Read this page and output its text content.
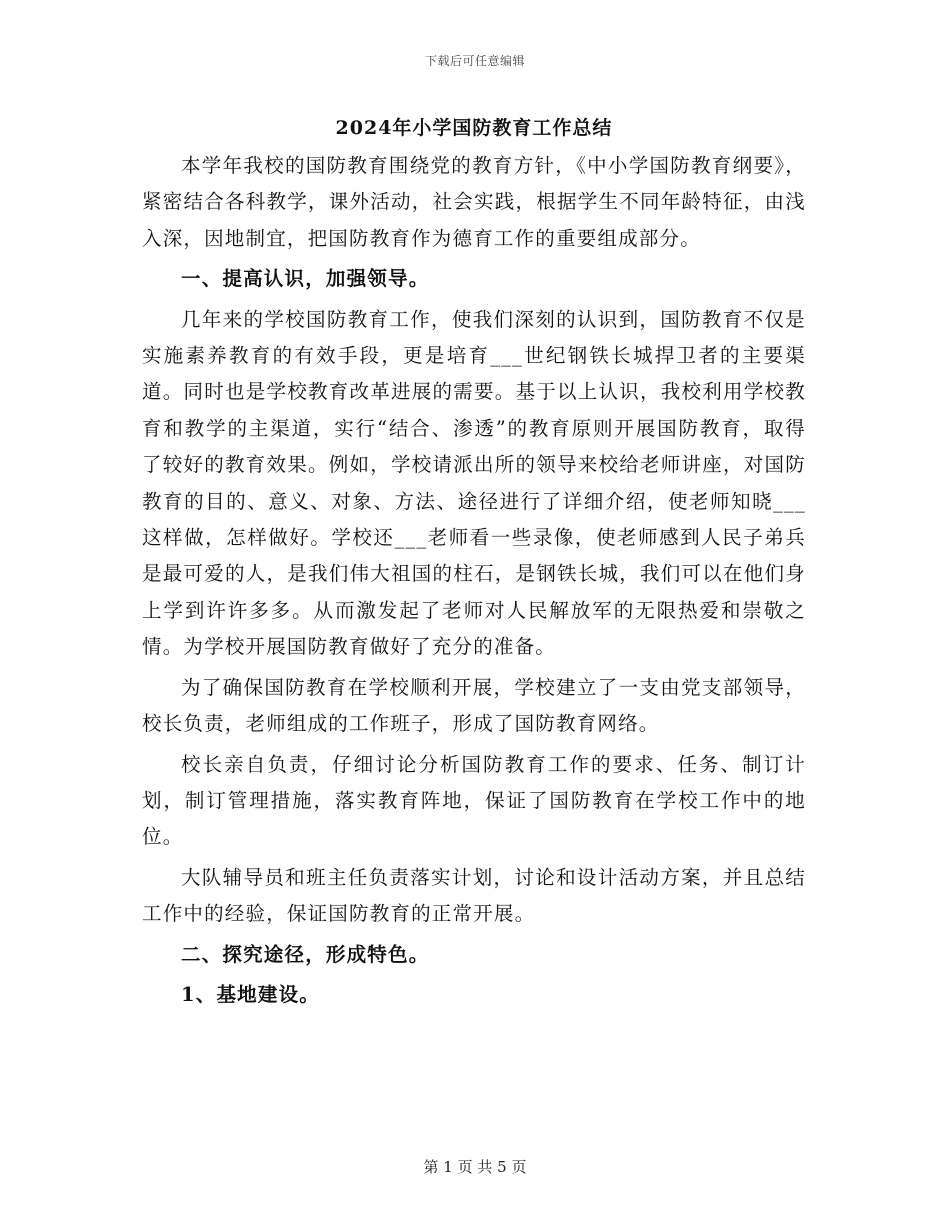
下载后可任意编辑
2024年小学国防教育工作总结

本学年我校的国防教育围绕党的教育方针，《中小学国防教育纲要》，紧密结合各科教学，课外活动，社会实践，根据学生不同年龄特征，由浅入深，因地制宜，把国防教育作为德育工作的重要组成部分。

一、提高认识，加强领导。

几年来的学校国防教育工作，使我们深刻的认识到，国防教育不仅是实施素养教育的有效手段，更是培育___世纪钢铁长城捍卫者的主要渠道。同时也是学校教育改革进展的需要。基于以上认识，我校利用学校教育和教学的主渠道，实行“结合、渗透”的教育原则开展国防教育，取得了较好的教育效果。例如，学校请派出所的领导来校给老师讲座，对国防教育的目的、意义、对象、方法、途径进行了详细介绍，使老师知晓___这样做，怎样做好。学校还___老师看一些录像，使老师感到人民子弟兵是最可爱的人，是我们伟大祖国的柱石，是钢铁长城，我们可以在他们身上学到许许多多。从而激发起了老师对人民解放军的无限热爱和崇敬之情。为学校开展国防教育做好了充分的准备。

为了确保国防教育在学校顺利开展，学校建立了一支由党支部领导，校长负责，老师组成的工作班子，形成了国防教育网络。

校长亲自负责，仔细讨论分析国防教育工作的要求、任务、制订计划，制订管理措施，落实教育阵地，保证了国防教育在学校工作中的地位。

大队辅导员和班主任负责落实计划，讨论和设计活动方案，并且总结工作中的经验，保证国防教育的正常开展。

二、探究途径，形成特色。

1、基地建设。

第 1 页 共 5 页
